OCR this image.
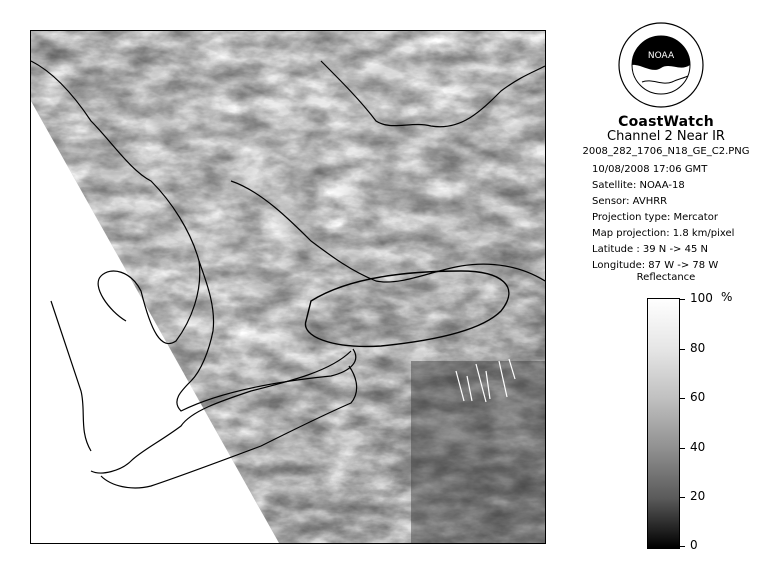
NOAA
CoastWatch
Channel 2 Near IR
2008_282_1706_N18_GE_C2.PNG
10/08/2008 17:06 GMT
Satellite: NOAA-18
Sensor: AVHRR
Projection type: Mercator
Map projection: 1.8 km/pixel
Latitude : 39 N -> 45 N
Longitude: 87 W -> 78 W
Reflectance
%
100
80
60
40
20
0
